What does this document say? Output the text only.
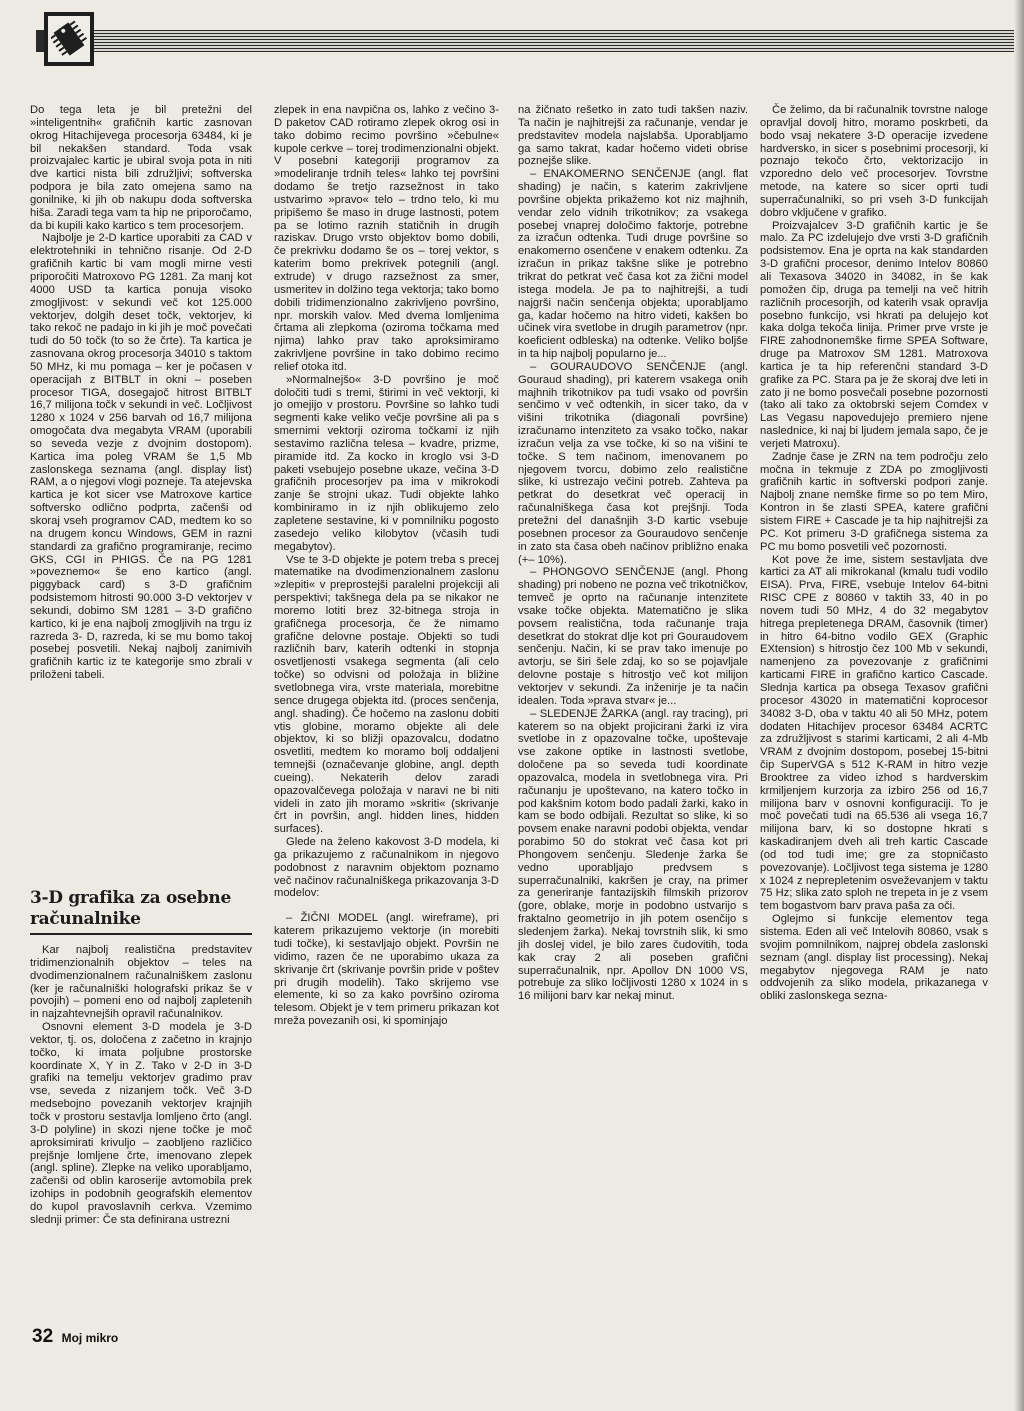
Do tega leta je bil pretežni del »inteligentnih« grafičnih kartic zasnovan okrog Hitachijevega procesorja 63484, ki je bil nekakšen standard. Toda vsak proizvajalec kartic je ubiral svoja pota in niti dve kartici nista bili združljivi; softverska podpora je bila zato omejena samo na gonilnike, ki jih ob nakupu doda softverska hiša. Zaradi tega vam ta hip ne priporočamo, da bi kupili kako kartico s tem procesorjem.

Najbolje je 2-D kartice uporabiti za CAD v elektrotehniki in tehnično risanje. Od 2-D grafičnih kartic bi vam mogli mirne vesti priporočiti Matroxovo PG 1281. Za manj kot 4000 USD ta kartica ponuja visoko zmogljivost: v sekundi več kot 125.000 vektorjev, dolgih deset točk, vektorjev, ki tako rekoč ne padajo in ki jih je moč povečati tudi do 50 točk (to so že črte). Ta kartica je zasnovana okrog procesorja 34010 s taktom 50 MHz, ki mu pomaga – ker je počasen v operacijah z BITBLT in okni – poseben procesor TIGA, dosegajoč hitrost BITBLT 16,7 milijona točk v sekundi in več. Ločljivost 1280 x 1024 v 256 barvah od 16,7 milijona omogočata dva megabyta VRAM (uporabili so seveda vezje z dvojnim dostopom). Kartica ima poleg VRAM še 1,5 Mb zaslonskega seznama (angl. display list) RAM, a o njegovi vlogi pozneje. Ta atejevska kartica je kot sicer vse Matroxove kartice softversko odlično podprta, začenši od skoraj vseh programov CAD, medtem ko so na drugem koncu Windows, GEM in razni standardi za grafično programiranje, recimo GKS, CGI in PHIGS. Če na PG 1281 »poveznemo« še eno kartico (angl. piggyback card) s 3-D grafičnim podsistemom hitrosti 90.000 3-D vektorjev v sekundi, dobimo SM 1281 – 3-D grafično kartico, ki je ena najbolj zmogljivih na trgu iz razreda 3- D, razreda, ki se mu bomo takoj posebej posvetili. Nekaj najbolj zanimivih grafičnih kartic iz te kategorije smo zbrali v priloženi tabeli.

3-D grafika za osebne računalnike

Kar najbolj realistična predstavitev tridimenzionalnih objektov – teles na dvodimenzionalnem računalniškem zaslonu (ker je računalniški holografski prikaz še v povojih) – pomeni eno od najbolj zapletenih in najzahtevnejših opravil računalnikov.

Osnovni element 3-D modela je 3-D vektor, tj. os, določena z začetno in krajnjo točko, ki imata poljubne prostorske koordinate X, Y in Z. Tako v 2-D in 3-D grafiki na temelju vektorjev gradimo prav vse, seveda z nizanjem točk. Več 3-D medsebojno povezanih vektorjev krajnjih točk v prostoru sestavlja lomljeno črto (angl. 3-D polyline) in skozi njene točke je moč aproksimirati krivuljo – zaobljeno različico prejšnje lomljene črte, imenovano zlepek (angl. spline). Zlepke na veliko uporabljamo, začenši od oblin karoserije avtomobila prek izohips in podobnih geografskih elementov do kupol pravoslavnih cerkva. Vzemimo slednji primer: Če sta definirana ustrezni

zlepek in ena navpična os, lahko z večino 3-D paketov CAD rotiramo zlepek okrog osi in tako dobimo recimo površino »čebulne« kupole cerkve – torej trodimenzionalni objekt. V posebni kategoriji programov za »modeliranje trdnih teles« lahko tej površini dodamo še tretjo razsežnost in tako ustvarimo »pravo« telo – trdno telo, ki mu pripišemo še maso in druge lastnosti, potem pa se lotimo raznih statičnih in drugih raziskav. Drugo vrsto objektov bomo dobili, če prekrivku dodamo še os – torej vektor, s katerim bomo prekrivek potegnili (angl. extrude) v drugo razsežnost za smer, usmeritev in dolžino tega vektorja; tako bomo dobili tridimenzionalno zakrivljeno površino, npr. morskih valov. Med dvema lomljenima črtama ali zlepkoma (oziroma točkama med njima) lahko prav tako aproksimiramo zakrivljene površine in tako dobimo recimo relief otoka itd.

»Normalnejšo« 3-D površino je moč določiti tudi s tremi, štirimi in več vektorji, ki jo omejijo v prostoru. Površine so lahko tudi segmenti kake veliko večje površine ali pa s smernimi vektorji oziroma točkami iz njih sestavimo različna telesa – kvadre, prizme, piramide itd. Za kocko in kroglo vsi 3-D paketi vsebujejo posebne ukaze, večina 3-D grafičnih procesorjev pa ima v mikrokodi zanje še strojni ukaz. Tudi objekte lahko kombiniramo in iz njih oblikujemo zelo zapletene sestavine, ki v pomnilniku pogosto zasedejo veliko kilobytov (včasih tudi megabytov).

Vse te 3-D objekte je potem treba s precej matematike na dvodimenzionalnem zaslonu »zlepiti« v preprostejši paralelni projekciji ali perspektivi; takšnega dela pa se nikakor ne moremo lotiti brez 32-bitnega stroja in grafičnega procesorja, če že nimamo grafične delovne postaje. Objekti so tudi različnih barv, katerih odtenki in stopnja osvetljenosti vsakega segmenta (ali celo točke) so odvisni od položaja in bližine svetlobnega vira, vrste materiala, morebitne sence drugega objekta itd. (proces senčenja, angl. shading). Če hočemo na zaslonu dobiti vtis globine, moramo objekte ali dele objektov, ki so bližji opazovalcu, dodatno osvetliti, medtem ko moramo bolj oddaljeni temnejši (označevanje globine, angl. depth cueing). Nekaterih delov zaradi opazovalčevega položaja v naravi ne bi niti videli in zato jih moramo »skriti« (skrivanje črt in površin, angl. hidden lines, hidden surfaces).

Glede na želeno kakovost 3-D modela, ki ga prikazujemo z računalnikom in njegovo podobnost z naravnim objektom poznamo več načinov računalniškega prikazovanja 3-D modelov:

– ŽIČNI MODEL (angl. wireframe), pri katerem prikazujemo vektorje (in morebiti tudi točke), ki sestavljajo objekt. Površin ne vidimo, razen če ne uporabimo ukaza za skrivanje črt (skrivanje površin pride v poštev pri drugih modelih). Tako skrijemo vse elemente, ki so za kako površino oziroma telesom. Objekt je v tem primeru prikazan kot mreža povezanih osi, ki spominjajo

na žičnato rešetko in zato tudi takšen naziv. Ta način je najhitrejši za računanje, vendar je predstavitev modela najslabša. Uporabljamo ga samo takrat, kadar hočemo videti obrise poznejše slike.

– ENAKOMERNO SENČENJE (angl. flat shading) je način, s katerim zakrivljene površine objekta prikažemo kot niz majhnih, vendar zelo vidnih trikotnikov; za vsakega posebej vnaprej določimo faktorje, potrebne za izračun odtenka. Tudi druge površine so enakomerno osenčene v enakem odtenku. Za izračun in prikaz takšne slike je potrebno trikrat do petkrat več časa kot za žični model istega modela. Je pa to najhitrejši, a tudi najgrši način senčenja objekta; uporabljamo ga, kadar hočemo na hitro videti, kakšen bo učinek vira svetlobe in drugih parametrov (npr. koeficient odbleska) na odtenke. Veliko boljše in ta hip najbolj popularno je...

– GOURAUDOVO SENČENJE (angl. Gouraud shading), pri katerem vsakega onih majhnih trikotnikov pa tudi vsako od površin senčimo v več odtenkih, in sicer tako, da v višini trikotnika (diagonali površine) izračunamo intenziteto za vsako točko, nakar izračun velja za vse točke, ki so na višini te točke. S tem načinom, imenovanem po njegovem tvorcu, dobimo zelo realistične slike, ki ustrezajo večini potreb. Zahteva pa petkrat do desetkrat več operacij in računalniškega časa kot prejšnji. Toda pretežni del današnjih 3-D kartic vsebuje posebnen procesor za Gouraudovo senčenje in zato sta časa obeh načinov približno enaka (+– 10%).

– PHONGOVO SENČENJE (angl. Phong shading) pri nobeno ne pozna več trikotničkov, temveč je oprto na računanje intenzitete vsake točke objekta. Matematično je slika povsem realistična, toda računanje traja desetkrat do stokrat dlje kot pri Gouraudovem senčenju. Način, ki se prav tako imenuje po avtorju, se širi šele zdaj, ko so se pojavljale delovne postaje s hitrostjo več kot milijon vektorjev v sekundi. Za inženirje je ta način idealen. Toda »prava stvar« je...

– SLEDENJE ŽARKA (angl. ray tracing), pri katerem so na objekt projicirani žarki iz vira svetlobe in z opazovalne točke, upoštevaje vse zakone optike in lastnosti svetlobe, določene pa so seveda tudi koordinate opazovalca, modela in svetlobnega vira. Pri računanju je upoštevano, na katero točko in pod kakšnim kotom bodo padali žarki, kako in kam se bodo odbijali. Rezultat so slike, ki so povsem enake naravni podobi objekta, vendar porabimo 50 do stokrat več časa kot pri Phongovem senčenju. Sledenje žarka še vedno uporabljajo predvsem s superračunalniki, kakršen je cray, na primer za generiranje fantazijskih filmskih prizorov (gore, oblake, morje in podobno ustvarijo s fraktalno geometrijo in jih potem osenčijo s sledenjem žarka). Nekaj tovrstnih slik, ki smo jih doslej videl, je bilo zares čudovitih, toda kak cray 2 ali poseben grafični superračunalnik, npr. Apollov DN 1000 VS, potrebuje za sliko ločljivosti 1280 x 1024 in s 16 milijoni barv kar nekaj minut.

Če želimo, da bi računalnik tovrstne naloge opravljal dovolj hitro, moramo poskrbeti, da bodo vsaj nekatere 3-D operacije izvedene hardversko, in sicer s posebnimi procesorji, ki poznajo tekočo črto, vektorizacijo in vzporedno delo več procesorjev. Tovrstne metode, na katere so sicer oprti tudi superračunalniki, so pri vseh 3-D funkcijah dobro vključene v grafiko.

Proizvajalcev 3-D grafičnih kartic je še malo. Za PC izdelujejo dve vrsti 3-D grafičnih podsistemov. Ena je oprta na kak standarden 3-D grafični procesor, denimo Intelov 80860 ali Texasova 34020 in 34082, in še kak pomožen čip, druga pa temelji na več hitrih različnih procesorjih, od katerih vsak opravlja posebno funkcijo, vsi hkrati pa delujejo kot kaka dolga tekoča linija. Primer prve vrste je FIRE zahodnonemške firme SPEA Software, druge pa Matroxov SM 1281. Matroxova kartica je ta hip referenčni standard 3-D grafike za PC. Stara pa je že skoraj dve leti in zato ji ne bomo posvečali posebne pozornosti (tako ali tako za oktobrski sejem Comdex v Las Vegasu napovedujejo premiero njene naslednice, ki naj bi ljudem jemala sapo, če je verjeti Matroxu).

Zadnje čase je ZRN na tem področju zelo močna in tekmuje z ZDA po zmogljivosti grafičnih kartic in softverski podpori zanje. Najbolj znane nemške firme so po tem Miro, Kontron in še zlasti SPEA, katere grafični sistem FIRE + Cascade je ta hip najhitrejši za PC. Kot primeru 3-D grafičnega sistema za PC mu bomo posvetili več pozornosti.

Kot pove že ime, sistem sestavljata dve kartici za AT ali mikrokanal (kmalu tudi vodilo EISA). Prva, FIRE, vsebuje Intelov 64-bitni RISC CPE z 80860 v taktih 33, 40 in po novem tudi 50 MHz, 4 do 32 megabytov hitrega prepletenega DRAM, časovnik (timer) in hitro 64-bitno vodilo GEX (Graphic EXtension) s hitrostjo čez 100 Mb v sekundi, namenjeno za povezovanje z grafičnimi karticami FIRE in grafično kartico Cascade. Slednja kartica pa obsega Texasov grafični procesor 43020 in matematični koprocesor 34082 3-D, oba v taktu 40 ali 50 MHz, potem dodaten Hitachijev procesor 63484 ACRTC za združljivost s starimi karticami, 2 ali 4-Mb VRAM z dvojnim dostopom, posebej 15-bitni čip SuperVGA s 512 K-RAM in hitro vezje Brooktree za video izhod s hardverskim krmiljenjem kurzorja za izbiro 256 od 16,7 milijona barv v osnovni konfiguraciji. To je moč povečati tudi na 65.536 ali vsega 16,7 milijona barv, ki so dostopne hkrati s kaskadiranjem dveh ali treh kartic Cascade (od tod tudi ime; gre za stopničasto povezovanje). Ločljivost tega sistema je 1280 x 1024 z neprepletenim osveževanjem v taktu 75 Hz; slika zato sploh ne trepeta in je z vsem tem bogastvom barv prava paša za oči.

Oglejmo si funkcije elementov tega sistema. Eden ali več Intelovih 80860, vsak s svojim pomnilnikom, najprej obdela zaslonski seznam (angl. display list processing). Nekaj megabytov njegovega RAM je nato oddvojenih za sliko modela, prikazanega v obliki zaslonskega sezna-

32 Moj mikro
